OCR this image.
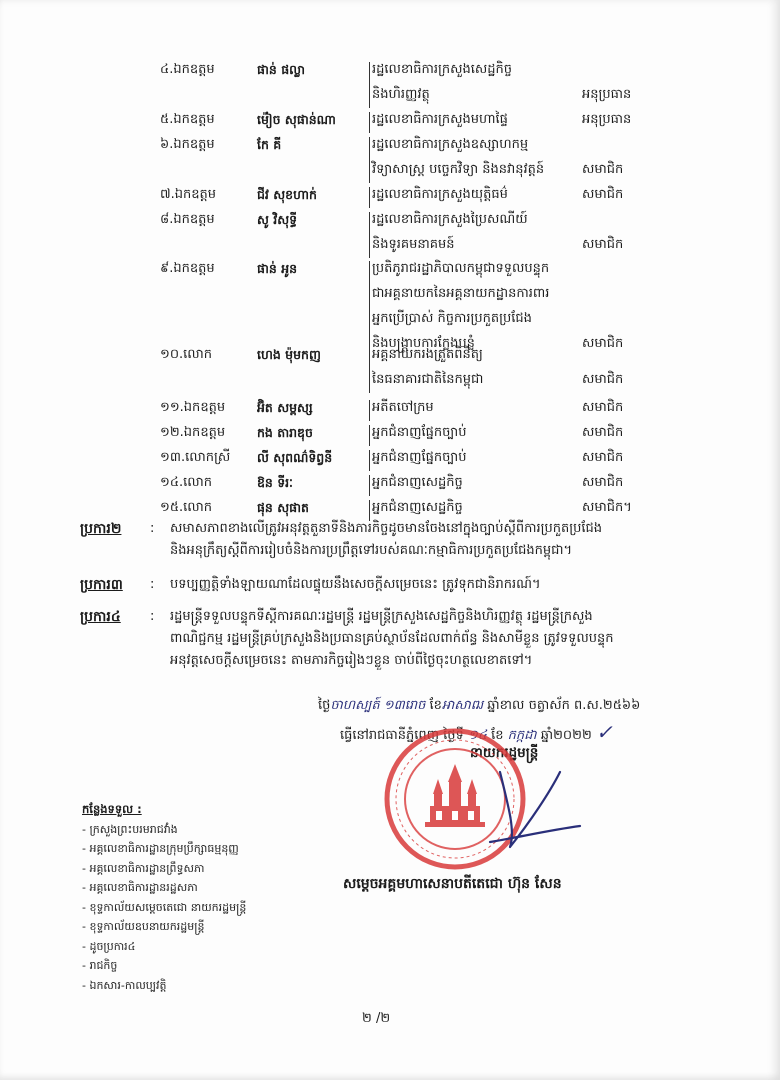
៤.ឯកឧត្តម	ផាន់ ផល្លា	រដ្ឋលេខាធិការក្រសួងសេដ្ឋកិច្ច
និងហិរញ្ញវត្ថុ	អនុប្រធាន
៥.ឯកឧត្តម	ម៉ៀច សុផាន់ណា	រដ្ឋលេខាធិការក្រសួងមហាផ្ទៃ	អនុប្រធាន
៦.ឯកឧត្តម	កែ គី	រដ្ឋលេខាធិការក្រសួងឧស្សាហកម្ម
វិទ្យាសាស្ត្រ បច្ចេកវិទ្យា និងនវានុវត្តន៍	សមាជិក
៧.ឯកឧត្តម	ជីវ សុខហាក់	រដ្ឋលេខាធិការក្រសួងយុត្តិធម៌	សមាជិក
៨.ឯកឧត្តម	សូ វិសុទ្ធី	រដ្ឋលេខាធិការក្រសួងប្រៃសណីយ៍
និងទូរគមនាគមន៍	សមាជិក
៩.ឯកឧត្តម	ផាន់ អូន	ប្រតិភូរាជរដ្ឋាភិបាលកម្ពុជាទទួលបន្ទុក
ជាអគ្គនាយកនៃអគ្គនាយកដ្ឋានការពារ
អ្នកប្រើប្រាស់ កិច្ចការប្រកួតប្រជែង
និងបង្ក្រាបការក្លែងបន្លំ	សមាជិក
១០.លោក	ហេង ម៉ុមកញ	អគ្គនាយករងត្រួតពិនិត្យ
នៃធនាគារជាតិនៃកម្ពុជា	សមាជិក
១១.ឯកឧត្តម	អ៊ិត សម្ពស្ស	អតីតចៅក្រម	សមាជិក
១២.ឯកឧត្តម	កង តារាឌុច	អ្នកជំនាញផ្នែកច្បាប់	សមាជិក
១៣.លោកស្រី	លី សុពណ៌ទិព្វនី	អ្នកជំនាញផ្នែកច្បាប់	សមាជិក
១៤.លោក	ឱន ទីរៈ	អ្នកជំនាញសេដ្ឋកិច្ច	សមាជិក
១៥.លោក	ផុន សុផាត	អ្នកជំនាញសេដ្ឋកិច្ច	សមាជិក។
ប្រការ២ : សមាសភាពខាងលើត្រូវអនុវត្តតួនាទីនិងភារកិច្ចដូចមានចែងនៅក្នុងច្បាប់ស្តីពីការប្រកួតប្រជែង
និងអនុក្រឹត្យស្តីពីការរៀបចំនិងការប្រព្រឹត្តទៅរបស់គណៈកម្មាធិការប្រកួតប្រជែងកម្ពុជា។
ប្រការ៣ : បទប្បញ្ញត្តិទាំងឡាយណាដែលផ្ទុយនឹងសេចក្តីសម្រេចនេះ ត្រូវទុកជានិរាករណ៍។
ប្រការ៤ : រដ្ឋមន្ត្រីទទួលបន្ទុកទីស្តីការគណៈរដ្ឋមន្ត្រី រដ្ឋមន្ត្រីក្រសួងសេដ្ឋកិច្ចនិងហិរញ្ញវត្ថុ រដ្ឋមន្ត្រីក្រសួង
ពាណិជ្ជកម្ម រដ្ឋមន្ត្រីគ្រប់ក្រសួងនិងប្រធានគ្រប់ស្ថាប័នដែលពាក់ព័ន្ធ និងសាមីខ្លួន ត្រូវទទួលបន្ទុក
អនុវត្តសេចក្តីសម្រេចនេះ តាមភារកិច្ចរៀងៗខ្លួន ចាប់ពីថ្ងៃចុះហត្ថលេខាតទៅ។
ថ្ងៃចាហស្បត៍ ១៣រោច ខែអាសាឍ ឆ្នាំខាល ចត្វាស័ក ព.ស.២៥៦៦
ធ្វើនៅរាជធានីភ្នំពេញ ថ្ងៃទី ១៤ ខែ កក្កដា ឆ្នាំ២០២២ ✓
នាយករដ្ឋមន្ត្រី
សម្តេចអគ្គមហាសេនាបតីតេជោ ហ៊ុន សែន
កន្លែងទទួល :
- ក្រសួងព្រះបរមរាជវាំង
- អគ្គលេខាធិការដ្ឋានក្រុមប្រឹក្សាធម្មនុញ្ញ
- អគ្គលេខាធិការដ្ឋានព្រឹទ្ធសភា
- អគ្គលេខាធិការដ្ឋានរដ្ឋសភា
- ខុទ្ទកាល័យសម្តេចតេជោ នាយករដ្ឋមន្ត្រី
- ខុទ្ទកាល័យឧបនាយករដ្ឋមន្ត្រី
- ដូចប្រការ៤
- រាជកិច្ច
- ឯកសារ-កាលប្បវត្តិ
២ /២
